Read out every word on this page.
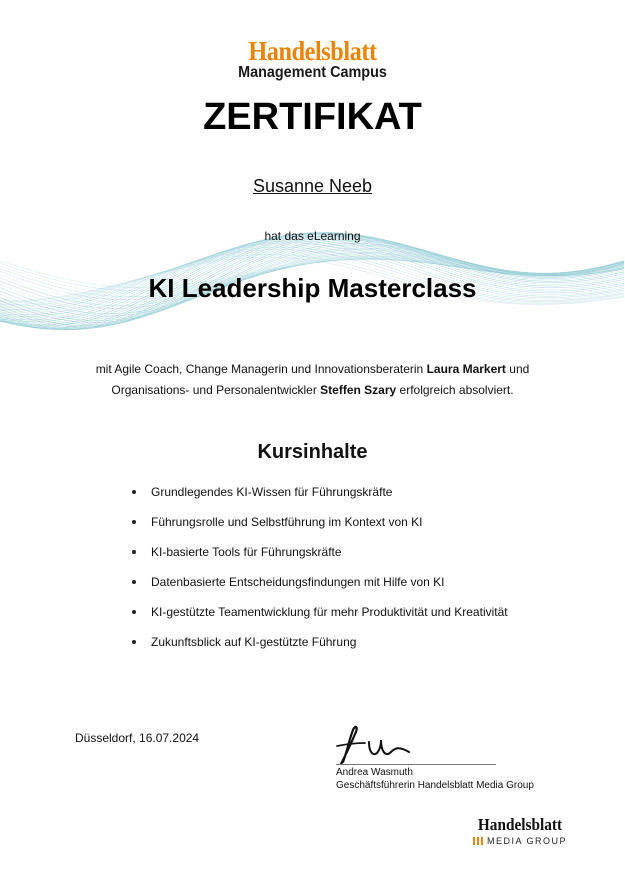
Handelsblatt
Management Campus
ZERTIFIKAT
Susanne Neeb
hat das eLearning
KI Leadership Masterclass
mit Agile Coach, Change Managerin und Innovationsberaterin Laura Markert und
Organisations- und Personalentwickler Steffen Szary erfolgreich absolviert.
Kursinhalte
Grundlegendes KI-Wissen für Führungskräfte
Führungsrolle und Selbstführung im Kontext von KI
KI-basierte Tools für Führungskräfte
Datenbasierte Entscheidungsfindungen mit Hilfe von KI
KI-gestützte Teamentwicklung für mehr Produktivität und Kreativität
Zukunftsblick auf KI-gestützte Führung
Düsseldorf, 16.07.2024
Andrea Wasmuth
Geschäftsführerin Handelsblatt Media Group
Handelsblatt
MEDIA GROUP
